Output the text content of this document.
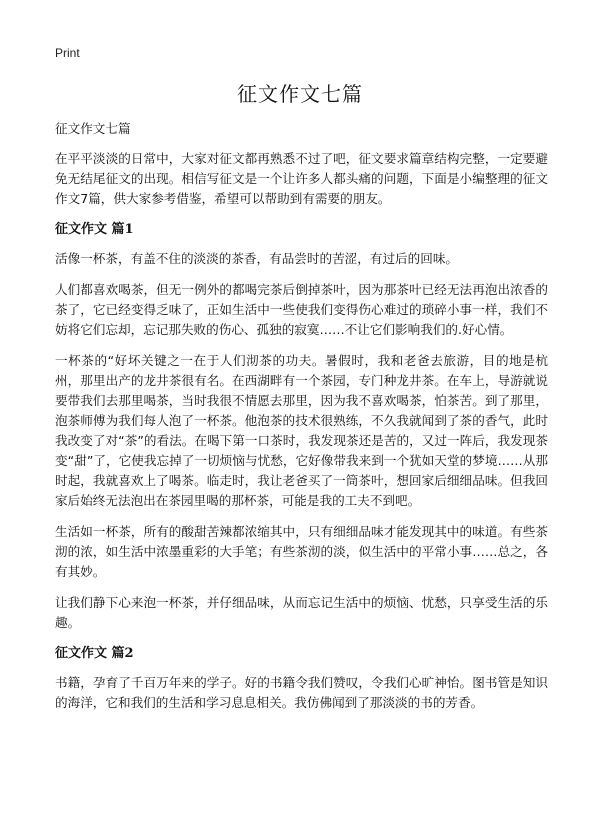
Print
征文作文七篇

征文作文七篇

在平平淡淡的日常中，大家对征文都再熟悉不过了吧，征文要求篇章结构完整，一定要避免无结尾征文的出现。相信写征文是一个让许多人都头痛的问题，下面是小编整理的征文作文7篇，供大家参考借鉴，希望可以帮助到有需要的朋友。

征文作文 篇1

活像一杯茶，有盖不住的淡淡的茶香，有品尝时的苦涩，有过后的回味。

人们都喜欢喝茶，但无一例外的都喝完茶后倒掉茶叶，因为那茶叶已经无法再泡出浓香的茶了，它已经变得乏味了，正如生活中一些使我们变得伤心难过的琐碎小事一样，我们不妨将它们忘却，忘记那失败的伤心、孤独的寂寞……不让它们影响我们的.好心情。

一杯茶的“好坏关键之一在于人们沏茶的功夫。暑假时，我和老爸去旅游，目的地是杭州，那里出产的龙井茶很有名。在西湖畔有一个茶园，专门种龙井茶。在车上，导游就说要带我们去那里喝茶，当时我很不情愿去那里，因为我不喜欢喝茶，怕茶苦。到了那里，泡茶师傅为我们每人泡了一杯茶。他泡茶的技术很熟练，不久我就闻到了茶的香气，此时我改变了对“茶”的看法。在喝下第一口茶时，我发现茶还是苦的，又过一阵后，我发现茶变“甜”了，它使我忘掉了一切烦恼与忧愁，它好像带我来到一个犹如天堂的梦境……从那时起，我就喜欢上了喝茶。临走时，我让老爸买了一筒茶叶，想回家后细细品味。但我回家后始终无法泡出在茶园里喝的那杯茶，可能是我的工夫不到吧。

生活如一杯茶，所有的酸甜苦辣都浓缩其中，只有细细品味才能发现其中的味道。有些茶沏的浓，如生活中浓墨重彩的大手笔；有些茶沏的淡，似生活中的平常小事……总之，各有其妙。

让我们静下心来泡一杯茶，并仔细品味，从而忘记生活中的烦恼、忧愁，只享受生活的乐趣。

征文作文 篇2

书籍，孕育了千百万年来的学子。好的书籍令我们赞叹，令我们心旷神怡。图书管是知识的海洋，它和我们的生活和学习息息相关。我仿佛闻到了那淡淡的书的芳香。
